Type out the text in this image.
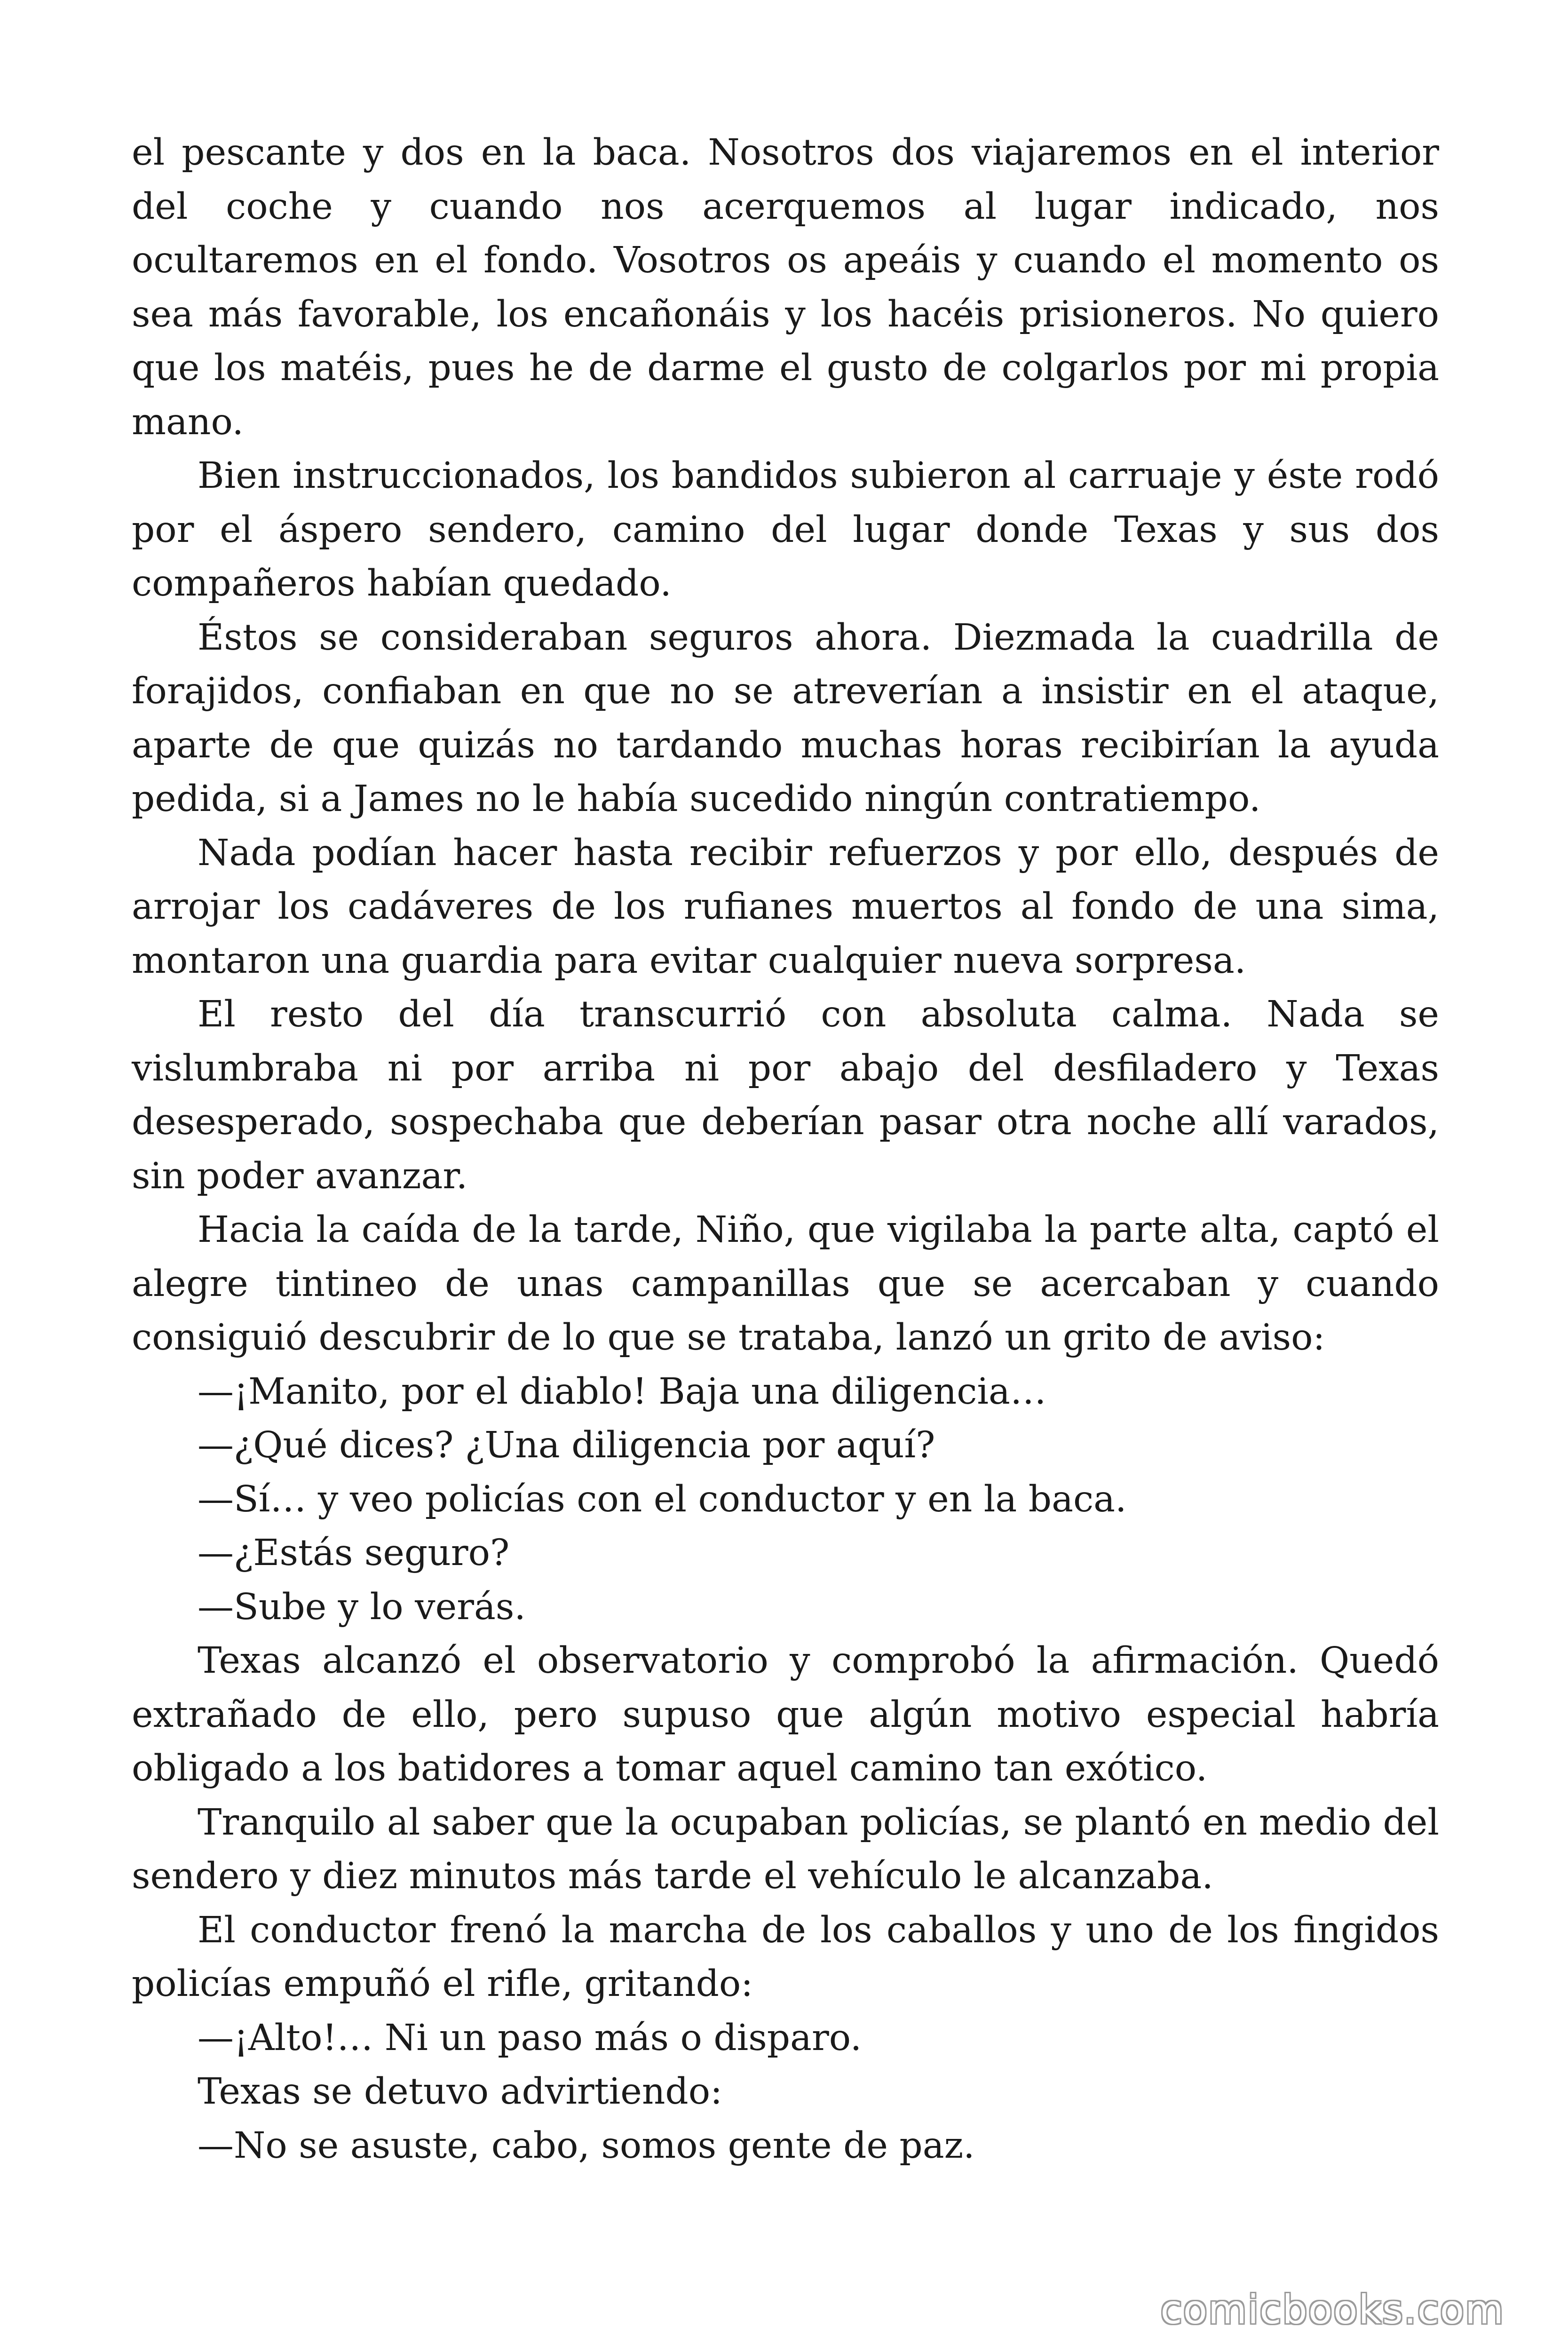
el pescante y dos en la baca. Nosotros dos viajaremos en el interior del coche y cuando nos acerquemos al lugar indicado, nos ocultaremos en el fondo. Vosotros os apeáis y cuando el momento os sea más favorable, los encañonáis y los hacéis prisioneros. No quiero que los matéis, pues he de darme el gusto de colgarlos por mi propia mano.

Bien instruccionados, los bandidos subieron al carruaje y éste rodó por el áspero sendero, camino del lugar donde Texas y sus dos compañeros habían quedado.

Éstos se consideraban seguros ahora. Diezmada la cuadrilla de forajidos, confiaban en que no se atreverían a insistir en el ataque, aparte de que quizás no tardando muchas horas recibirían la ayuda pedida, si a James no le había sucedido ningún contratiempo.

Nada podían hacer hasta recibir refuerzos y por ello, después de arrojar los cadáveres de los rufianes muertos al fondo de una sima, montaron una guardia para evitar cualquier nueva sorpresa.

El resto del día transcurrió con absoluta calma. Nada se vislumbraba ni por arriba ni por abajo del desfiladero y Texas desesperado, sospechaba que deberían pasar otra noche allí varados, sin poder avanzar.

Hacia la caída de la tarde, Niño, que vigilaba la parte alta, captó el alegre tintineo de unas campanillas que se acercaban y cuando consiguió descubrir de lo que se trataba, lanzó un grito de aviso:

—¡Manito, por el diablo! Baja una diligencia…

—¿Qué dices? ¿Una diligencia por aquí?

—Sí… y veo policías con el conductor y en la baca.

—¿Estás seguro?

—Sube y lo verás.

Texas alcanzó el observatorio y comprobó la afirmación. Quedó extrañado de ello, pero supuso que algún motivo especial habría obligado a los batidores a tomar aquel camino tan exótico.

Tranquilo al saber que la ocupaban policías, se plantó en medio del sendero y diez minutos más tarde el vehículo le alcanzaba.

El conductor frenó la marcha de los caballos y uno de los fingidos policías empuñó el rifle, gritando:

—¡Alto!… Ni un paso más o disparo.

Texas se detuvo advirtiendo:

—No se asuste, cabo, somos gente de paz.

comicbooks.com
